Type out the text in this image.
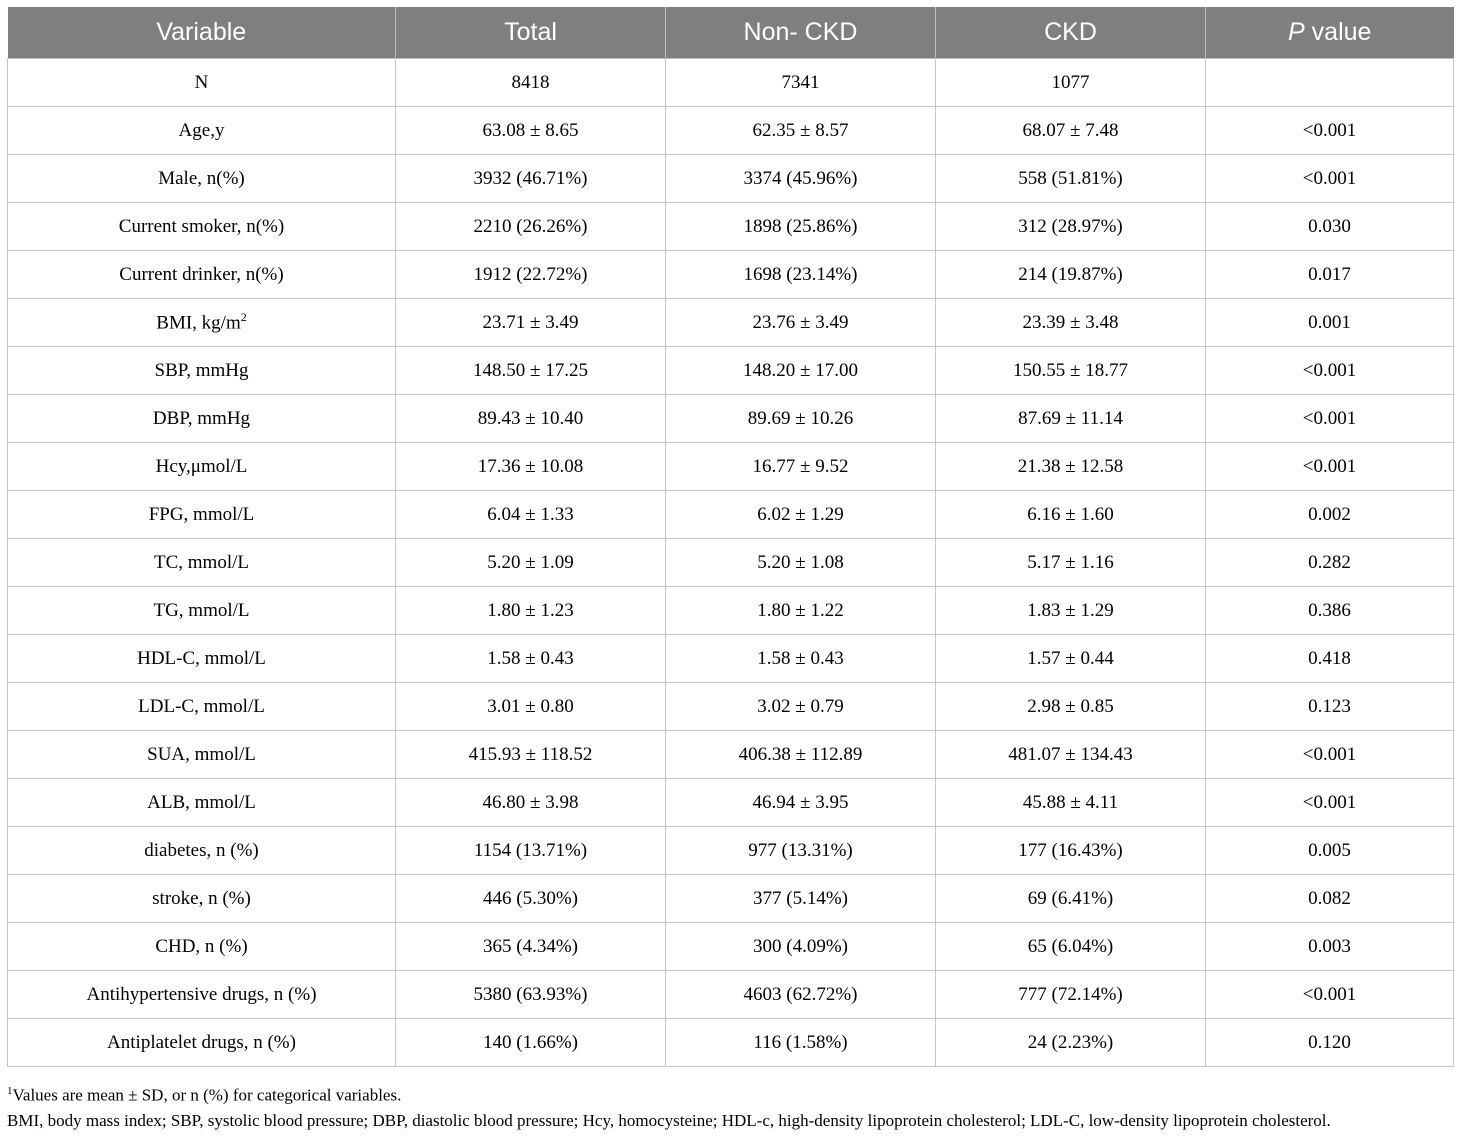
Variable	Total	Non- CKD	CKD	P value
N	8418	7341	1077	
Age,y	63.08 ± 8.65	62.35 ± 8.57	68.07 ± 7.48	<0.001
Male, n(%)	3932 (46.71%)	3374 (45.96%)	558 (51.81%)	<0.001
Current smoker, n(%)	2210 (26.26%)	1898 (25.86%)	312 (28.97%)	0.030
Current drinker, n(%)	1912 (22.72%)	1698 (23.14%)	214 (19.87%)	0.017
BMI, $kg/m^2$	23.71 ± 3.49	23.76 ± 3.49	23.39 ± 3.48	0.001
SBP, mmHg	148.50 ± 17.25	148.20 ± 17.00	150.55 ± 18.77	<0.001
DBP, mmHg	89.43 ± 10.40	89.69 ± 10.26	87.69 ± 11.14	<0.001
Hcy,μmol/L	17.36 ± 10.08	16.77 ± 9.52	21.38 ± 12.58	<0.001
FPG, mmol/L	6.04 ± 1.33	6.02 ± 1.29	6.16 ± 1.60	0.002
TC, mmol/L	5.20 ± 1.09	5.20 ± 1.08	5.17 ± 1.16	0.282
TG, mmol/L	1.80 ± 1.23	1.80 ± 1.22	1.83 ± 1.29	0.386
HDL-C, mmol/L	1.58 ± 0.43	1.58 ± 0.43	1.57 ± 0.44	0.418
LDL-C, mmol/L	3.01 ± 0.80	3.02 ± 0.79	2.98 ± 0.85	0.123
SUA, mmol/L	415.93 ± 118.52	406.38 ± 112.89	481.07 ± 134.43	<0.001
ALB, mmol/L	46.80 ± 3.98	46.94 ± 3.95	45.88 ± 4.11	<0.001
diabetes, n (%)	1154 (13.71%)	977 (13.31%)	177 (16.43%)	0.005
stroke, n (%)	446 (5.30%)	377 (5.14%)	69 (6.41%)	0.082
CHD, n (%)	365 (4.34%)	300 (4.09%)	65 (6.04%)	0.003
Antihypertensive drugs, n (%)	5380 (63.93%)	4603 (62.72%)	777 (72.14%)	<0.001
Antiplatelet drugs, n (%)	140 (1.66%)	116 (1.58%)	24 (2.23%)	0.120
$^1$Values are mean ± SD, or n (%) for categorical variables.
BMI, body mass index; SBP, systolic blood pressure; DBP, diastolic blood pressure; Hcy, homocysteine; HDL-c, high-density lipoprotein cholesterol; LDL-C, low-density lipoprotein cholesterol.
